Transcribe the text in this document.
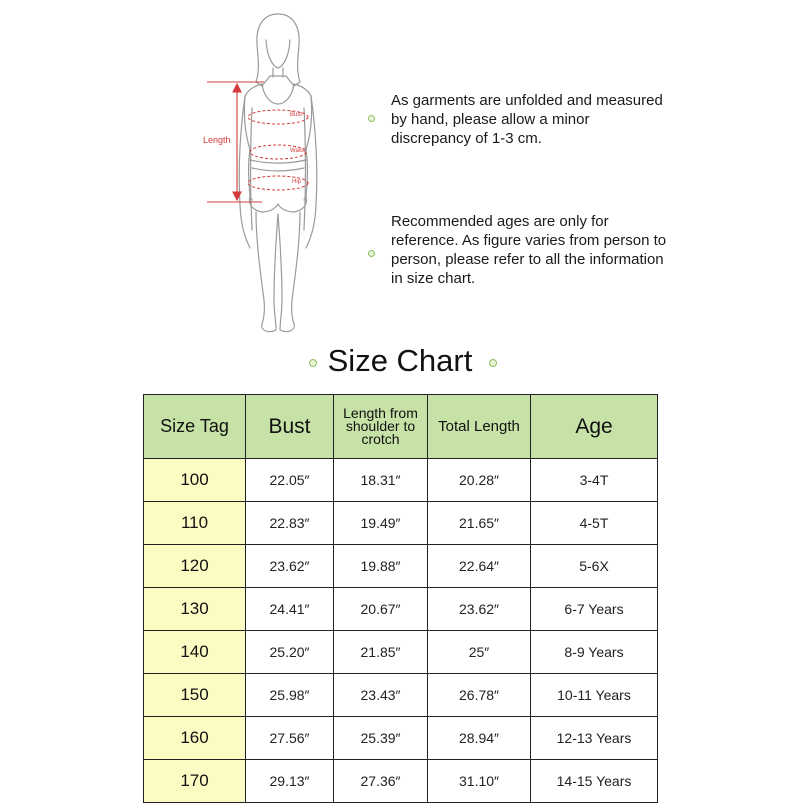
Length
Bust
Waist
Hip
As garments are unfolded and measured by hand, please allow a minor discrepancy of 1-3 cm.
Recommended ages are only for reference. As figure varies from person to person, please refer to all the information in size chart.
Size Chart
Size Tag	Bust	Length from shoulder to crotch	Total Length	Age
100	22.05″	18.31″	20.28″	3-4T
110	22.83″	19.49″	21.65″	4-5T
120	23.62″	19.88″	22.64″	5-6X
130	24.41″	20.67″	23.62″	6-7 Years
140	25.20″	21.85″	25″	8-9 Years
150	25.98″	23.43″	26.78″	10-11 Years
160	27.56″	25.39″	28.94″	12-13 Years
170	29.13″	27.36″	31.10″	14-15 Years
